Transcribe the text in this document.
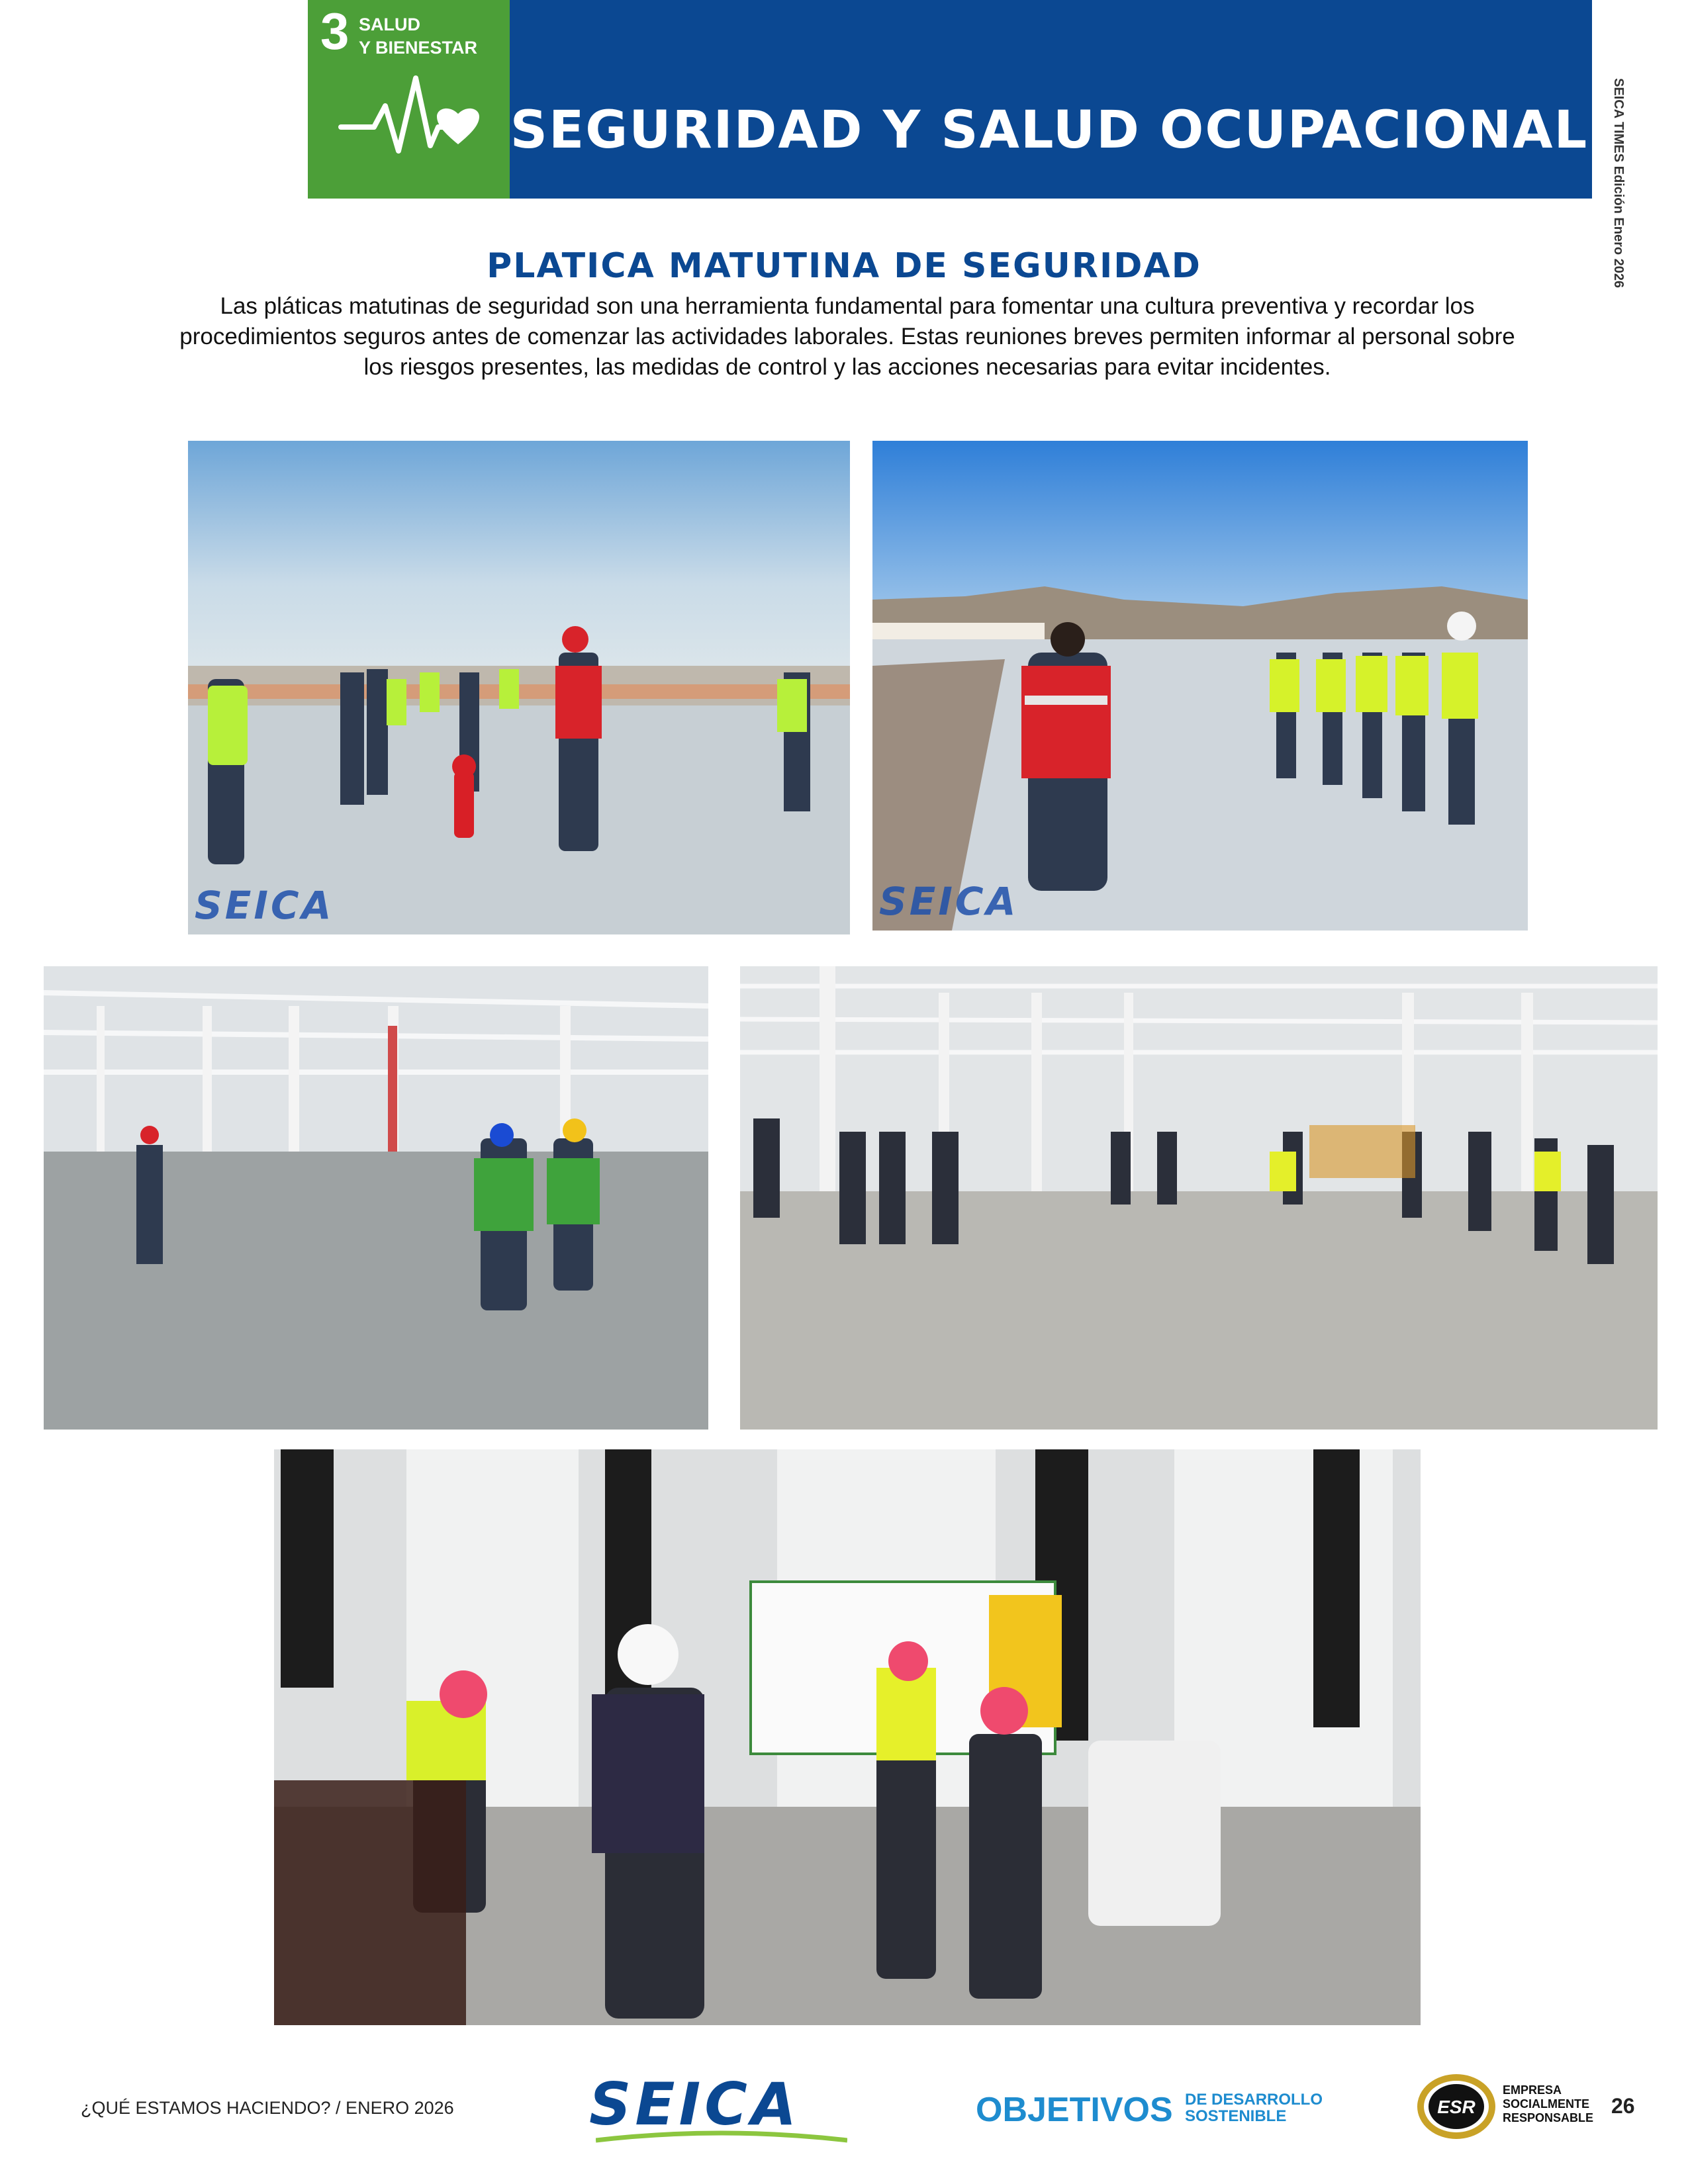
3 SALUD
Y BIENESTAR
SEGURIDAD Y SALUD OCUPACIONAL SEICA TIMES Edición Enero 2026
PLATICA MATUTINA DE SEGURIDAD
Las pláticas matutinas de seguridad son una herramienta fundamental para fomentar una cultura preventiva y recordar los procedimientos seguros antes de comenzar las actividades laborales. Estas reuniones breves permiten informar al personal sobre los riesgos presentes, las medidas de control y las acciones necesarias para evitar incidentes.
SEICA	SEICA
¿QUÉ ESTAMOS HACIENDO? / ENERO 2026 SEICA	OBJETIVOS DE DESARROLLO
SOSTENIBLE	ESR
EMPRESA
SOCIALMENTE
RESPONSABLE 26
